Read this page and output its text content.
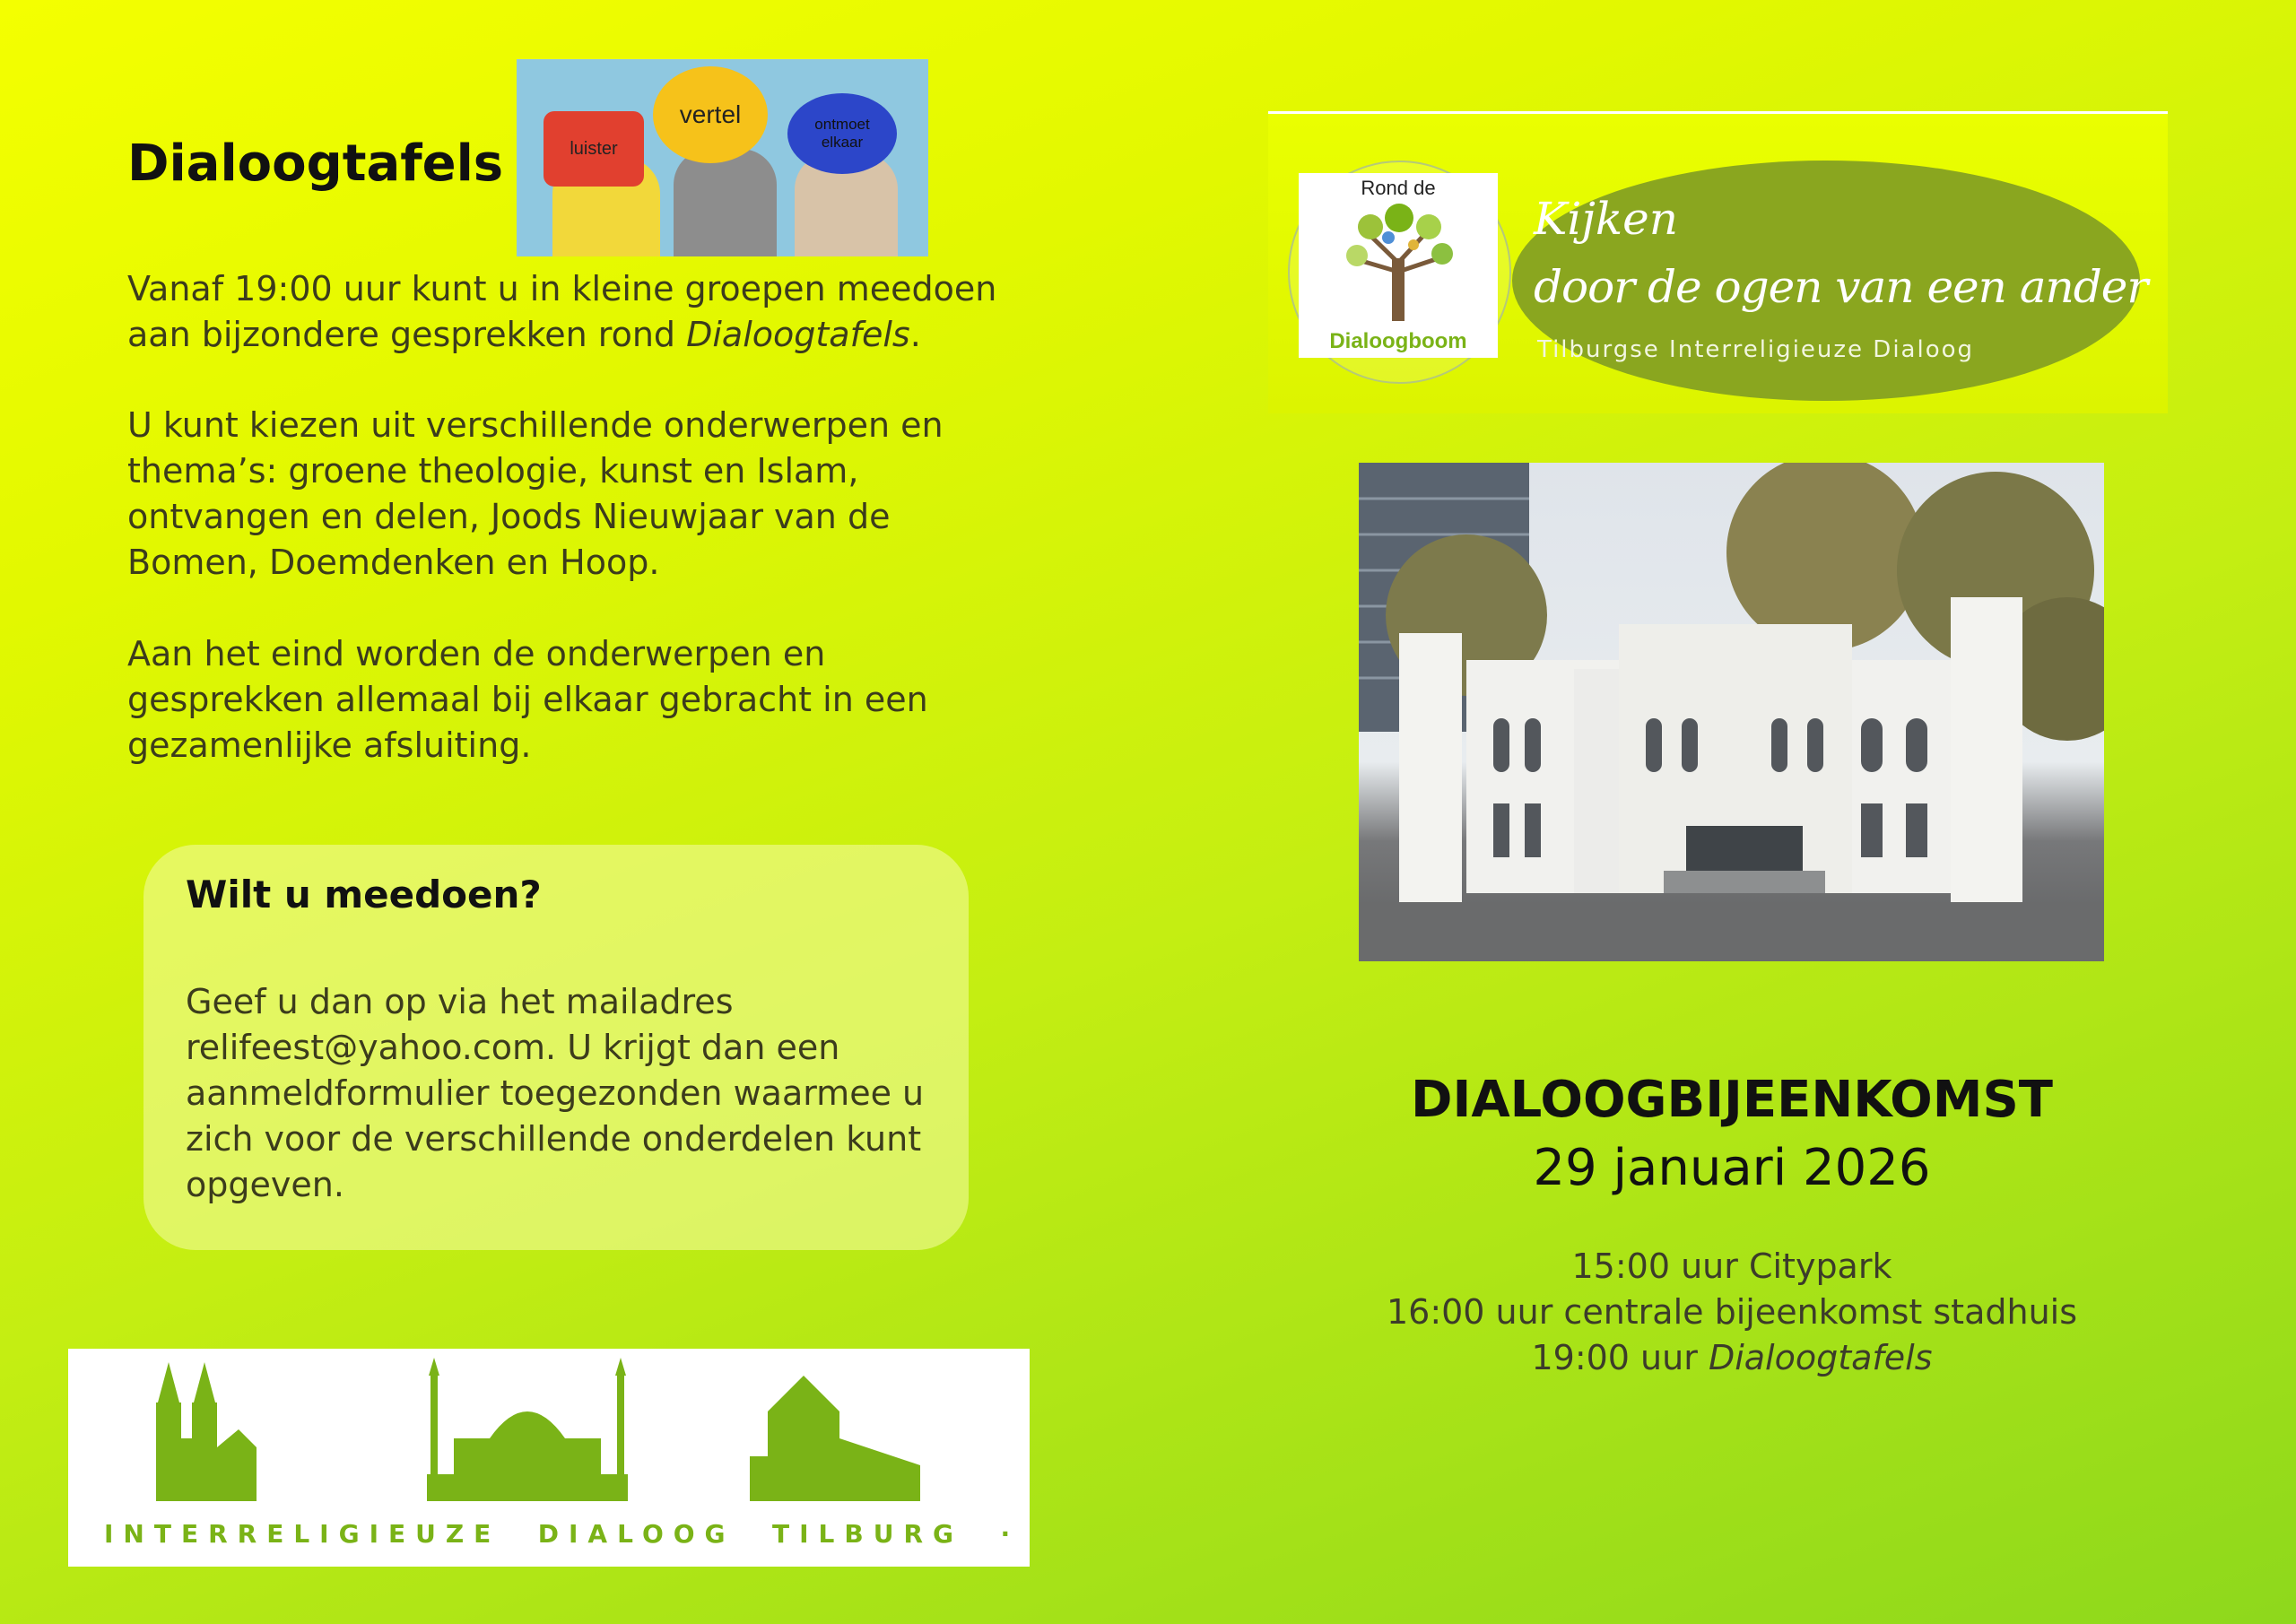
Dialoogtafels	luister
vertel	ontmoet elkaar

Vanaf 19:00 uur kunt u in kleine groepen meedoen aan bijzondere gesprekken rond Dialoogtafels.

U kunt kiezen uit verschillende onderwerpen en thema’s: groene theologie, kunst en Islam, ontvangen en delen, Joods Nieuwjaar van de Bomen, Doemdenken en Hoop.

Aan het eind worden de onderwerpen en gesprekken allemaal bij elkaar gebracht in een gezamenlijke afsluiting.

Wilt u meedoen?

Geef u dan op via het mailadres relifeest@yahoo.com. U krijgt dan een aanmeldformulier toegezonden waarmee u zich voor de verschillende onderdelen kunt opgeven.

INTERRELIGIEUZE  DIALOOG  TILBURG  ·
Rond de
Dialoogboom
Kijken
door de ogen van een ander
Tilburgse Interreligieuze Dialoog
DIALOOGBIJEENKOMST

29 januari 2026

15:00 uur Citypark

16:00 uur centrale bijeenkomst stadhuis

19:00 uur Dialoogtafels
